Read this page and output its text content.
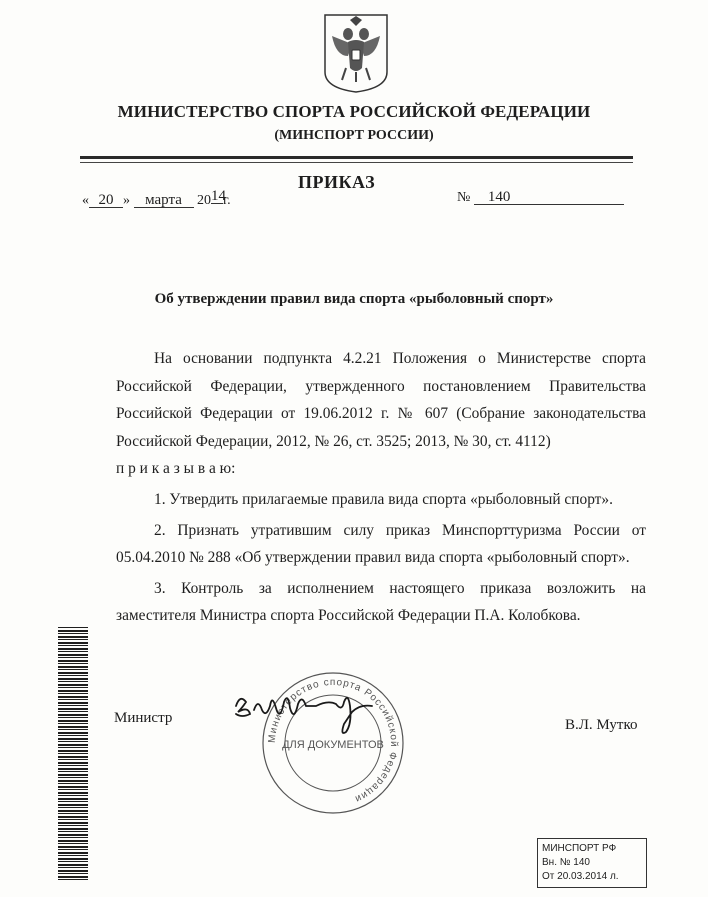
МИНИСТЕРСТВО СПОРТА РОССИЙСКОЙ ФЕДЕРАЦИИ
(МИНСПОРТ РОССИИ)
ПРИКАЗ
« 20 » марта 2014г.	№ 140
Об утверждении правил вида спорта «рыболовный спорт»

На основании подпункта 4.2.21 Положения о Министерстве спорта Российской Федерации, утвержденного постановлением Правительства Российской Федерации от 19.06.2012 г. № 607 (Собрание законодательства Российской Федерации, 2012, № 26, ст. 3525; 2013, № 30, ст. 4112)

п р и к а з ы в а ю:

1. Утвердить прилагаемые правила вида спорта «рыболовный спорт».

2. Признать утратившим силу приказ Минспорттуризма России от 05.04.2010 № 288 «Об утверждении правил вида спорта «рыболовный спорт».

3. Контроль за исполнением настоящего приказа возложить на заместителя Министра спорта Российской Федерации П.А. Колобкова.

Министр
Министерство спорта Российской Федерации
ДЛЯ ДОКУМЕНТОВ
В.Л. Мутко
МИНСПОРТ РФ
Вн. № 140
От 20.03.2014 л.
